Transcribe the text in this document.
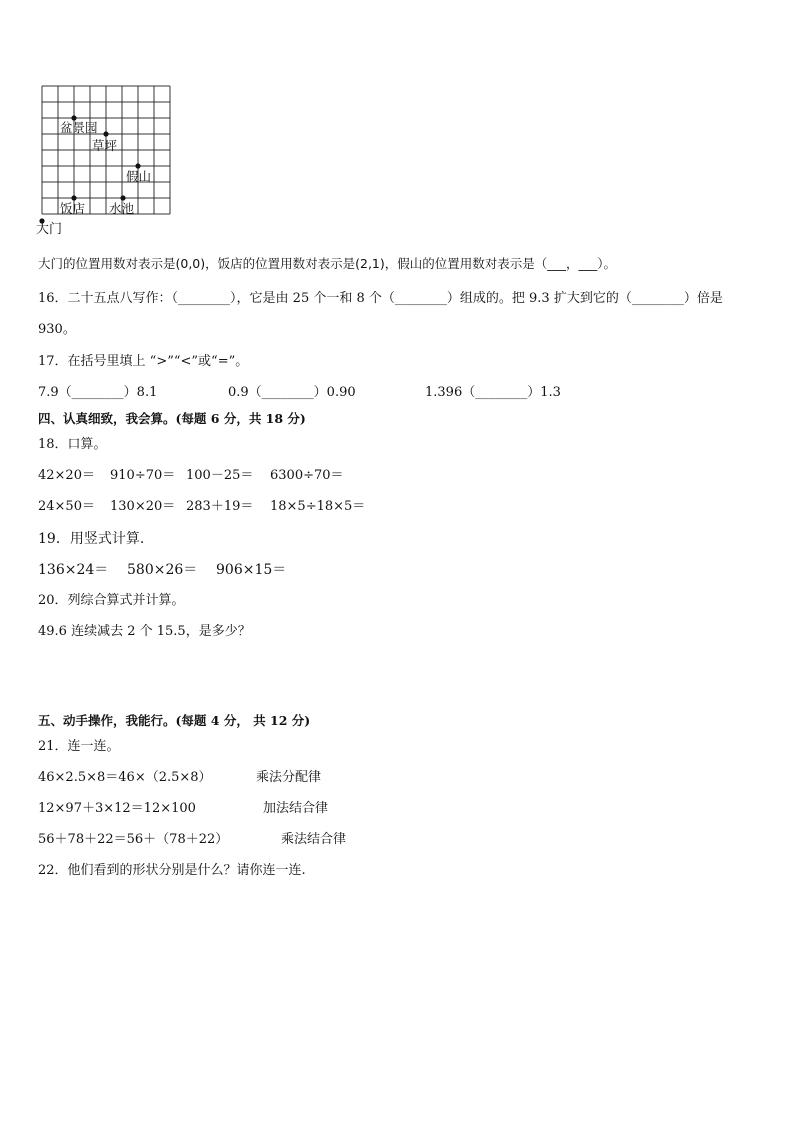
盆景园
草坪
假山
饭店 水池
大门
大门的位置用数对表示是(0,0)，饭店的位置用数对表示是(2,1)，假山的位置用数对表示是（___，___）。
16．二十五点八写作：（________），它是由 25 个一和 8 个（________）组成的。把 9.3 扩大到它的（________）倍是
930。
17．在括号里填上 “>”“<”或“=”。
7.9（________）8.1	0.9（________）0.90	1.396（________）1.3
四、认真细致，我会算。(每题 6 分，共 18 分)
18．口算。
42×20＝ 910÷70＝ 100－25＝ 6300÷70＝
24×50＝ 130×20＝ 283＋19＝ 18×5÷18×5＝
19．用竖式计算.
136×24＝ 580×26＝ 906×15＝
20．列综合算式并计算。
49.6 连续减去 2 个 15.5，是多少？
五、动手操作，我能行。(每题 4 分， 共 12 分)
21．连一连。
46×2.5×8＝46×（2.5×8）	乘法分配律
12×97＋3×12＝12×100	加法结合律
56＋78＋22＝56＋（78＋22）	乘法结合律
22．他们看到的形状分别是什么？请你连一连.
